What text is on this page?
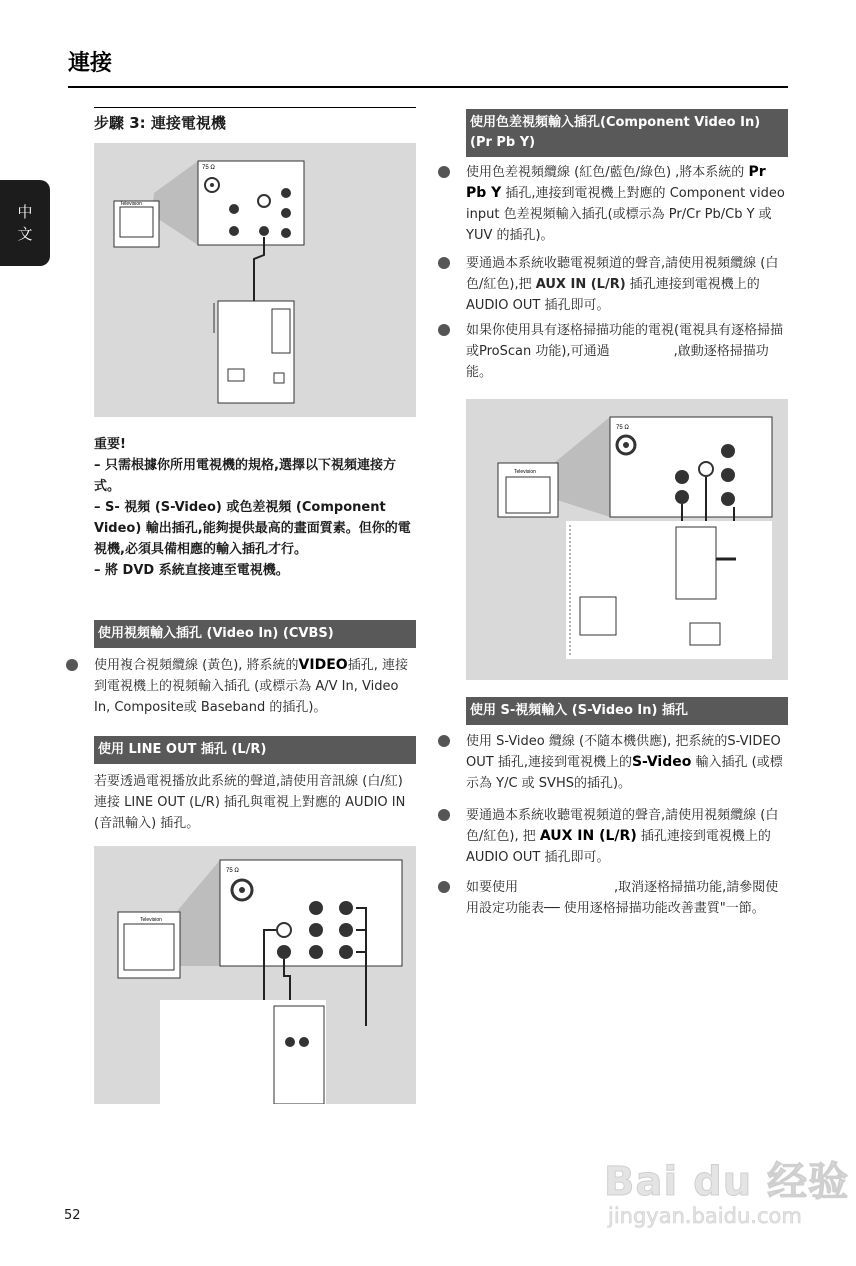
連接
中
文
步驟 3: 連接電視機
Television
75 Ω

重要!

– 只需根據你所用電視機的規格,選擇以下視頻連接方式。

– S- 視頻 (S-Video) 或色差視頻 (Component Video) 輸出插孔,能夠提供最高的畫面質素。但你的電視機,必須具備相應的輸入插孔才行。

– 將 DVD 系統直接連至電視機。

使用視頻輸入插孔 (Video In) (CVBS)
使用複合視頻纜線 (黃色), 將系統的VIDEO插孔, 連接到電視機上的視頻輸入插孔 (或標示為 A/V In, Video In, Composite或 Baseband 的插孔)。
使用 LINE OUT 插孔 (L/R)
若要透過電視播放此系統的聲道,請使用音訊線 (白/紅) 連接 LINE OUT (L/R) 插孔與電視上對應的 AUDIO IN (音訊輸入) 插孔。
Television
75 Ω
使用色差視頻輸入插孔(Component Video In) (Pr Pb Y)
使用色差視頻纜線 (紅色/藍色/綠色) ,將本系統的 Pr Pb Y 插孔,連接到電視機上對應的 Component video input 色差視頻輸入插孔(或標示為 Pr/Cr Pb/Cb Y 或 YUV 的插孔)。
要通過本系統收聽電視頻道的聲音,請使用視頻纜線 (白色/紅色),把 AUX IN (L/R) 插孔連接到電視機上的 AUDIO OUT 插孔即可。
如果你使用具有逐格掃描功能的電視(電視具有逐格掃描或ProScan 功能),可通過	,啟動逐格掃描功能。
Television
75 Ω
使用 S-視頻輸入 (S-Video In) 插孔
使用 S-Video 纜線 (不隨本機供應), 把系統的S-VIDEO OUT 插孔,連接到電視機上的S-Video 輸入插孔 (或標示為 Y/C 或 SVHS的插孔)。
要通過本系統收聽電視頻道的聲音,請使用視頻纜線 (白色/紅色), 把 AUX IN (L/R) 插孔連接到電視機上的 AUDIO OUT 插孔即可。
如要使用	,取消逐格掃描功能,請參閱使用設定功能表── 使用逐格掃描功能改善畫質"一節。
52
Bai du 经验
jingyan.baidu.com
